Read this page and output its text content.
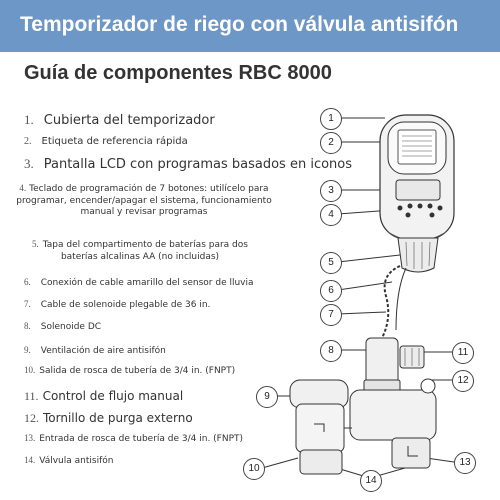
Temporizador de riego con válvula antisifón
Guía de componentes RBC 8000
1. Cubierta del temporizador
2. Etiqueta de referencia rápida
3. Pantalla LCD con programas basados en iconos
4. Teclado de programación de 7 botones: utilícelo para programar, encender/apagar el sistema, funcionamiento manual y revisar programas
5. Tapa del compartimento de baterías para dos baterías alcalinas AA (no incluidas)
6. Conexión de cable amarillo del sensor de lluvia
7. Cable de solenoide plegable de 36 in.
8. Solenoide DC
9. Ventilación de aire antisifón
10. Salida de rosca de tubería de 3/4 in. (FNPT)
11. Control de flujo manual
12. Tornillo de purga externo
13. Entrada de rosca de tubería de 3/4 in. (FNPT)
14. Válvula antisifón
1
2
3
4
5
6
7
8
9
10
11
12
13
14
